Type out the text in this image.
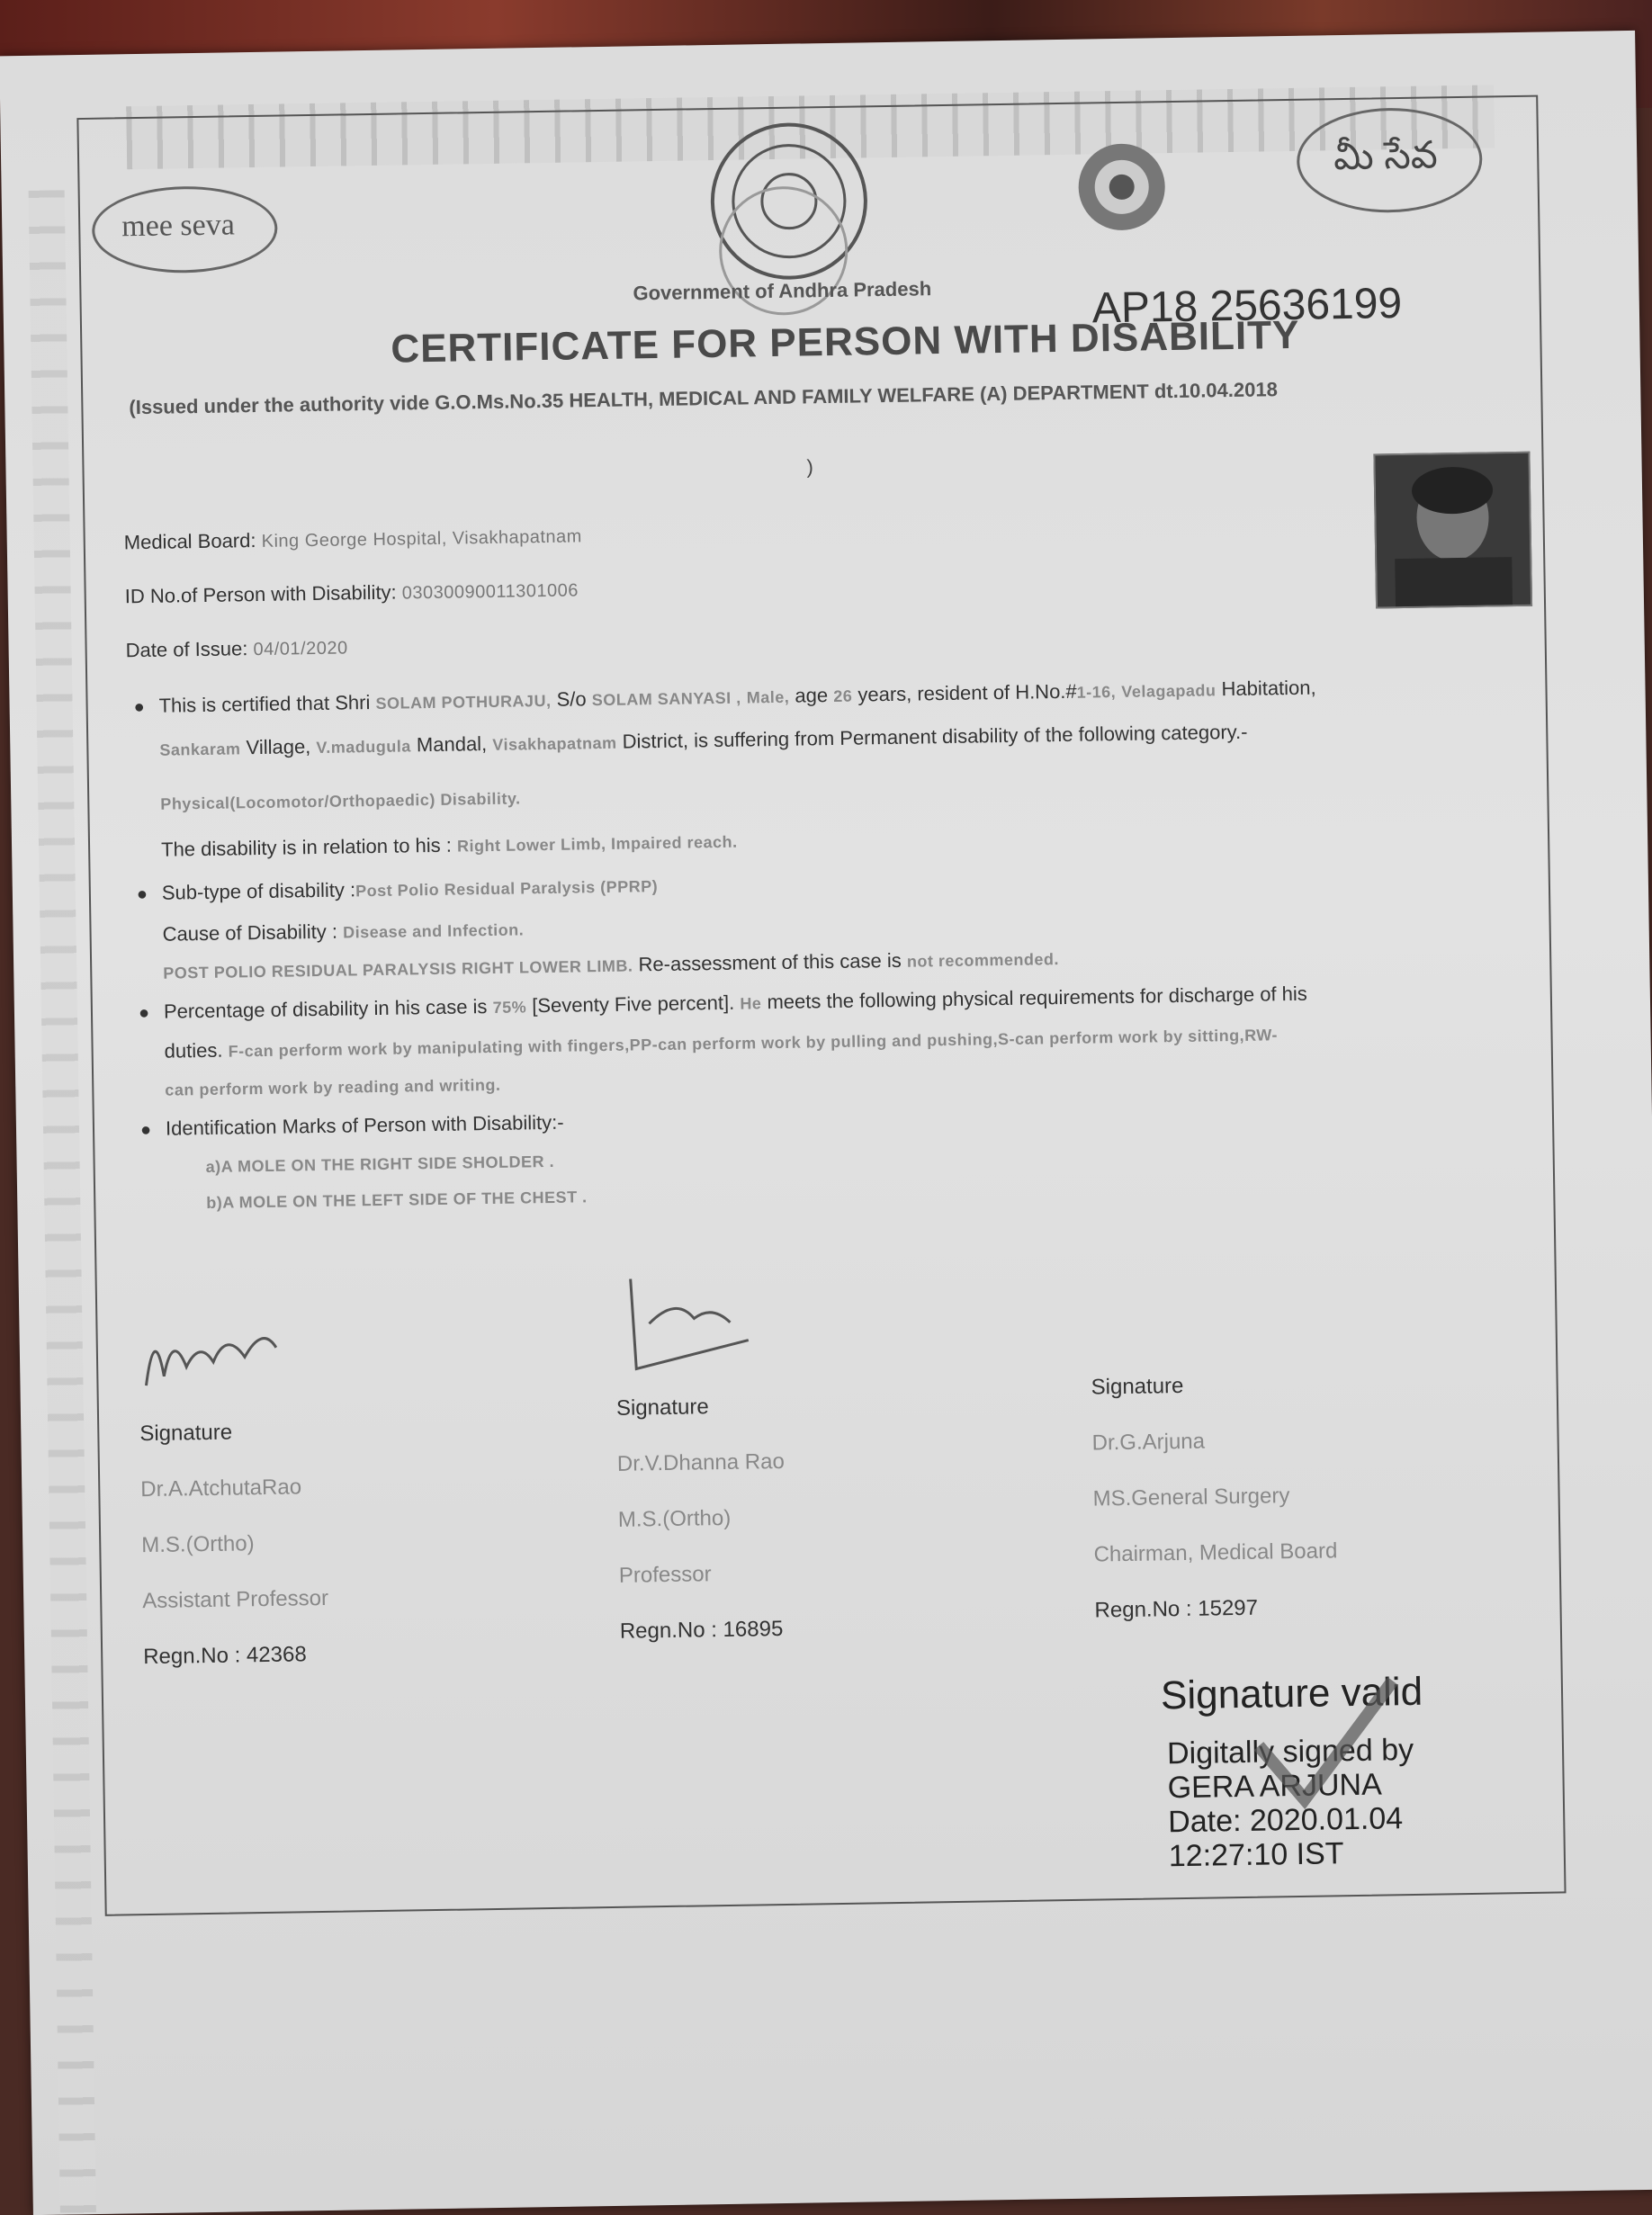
mee seva
మీ సేవ
Government of Andhra Pradesh
CERTIFICATE FOR PERSON WITH DISABILITY
AP18 25636199
(Issued under the authority vide G.O.Ms.No.35 HEALTH, MEDICAL AND FAMILY WELFARE (A) DEPARTMENT dt.10.04.2018
)
Medical Board: King George Hospital, Visakhapatnam
ID No.of Person with Disability: 03030090011301006
Date of Issue: 04/01/2020
● This is certified that Shri SOLAM POTHURAJU, S/o SOLAM SANYASI , Male, age 26 years, resident of H.No.#1-16, Velagapadu Habitation,
Sankaram Village, V.madugula Mandal, Visakhapatnam District, is suffering from Permanent disability of the following category.-
Physical(Locomotor/Orthopaedic) Disability.
The disability is in relation to his : Right Lower Limb, Impaired reach.
● Sub-type of disability :Post Polio Residual Paralysis (PPRP)
Cause of Disability : Disease and Infection.
POST POLIO RESIDUAL PARALYSIS RIGHT LOWER LIMB. Re-assessment of this case is not recommended.
● Percentage of disability in his case is 75% [Seventy Five percent]. He meets the following physical requirements for discharge of his
duties. F-can perform work by manipulating with fingers,PP-can perform work by pulling and pushing,S-can perform work by sitting,RW-
can perform work by reading and writing.
● Identification Marks of Person with Disability:-
a)A MOLE ON THE RIGHT SIDE SHOLDER .
b)A MOLE ON THE LEFT SIDE OF THE CHEST .
Signature
Dr.A.AtchutaRao
M.S.(Ortho)
Assistant Professor
Regn.No : 42368
Signature
Dr.V.Dhanna Rao
M.S.(Ortho)
Professor
Regn.No : 16895
Signature
Dr.G.Arjuna
MS.General Surgery
Chairman, Medical Board
Regn.No : 15297
Signature valid
Digitally signed by
GERA ARJUNA
Date: 2020.01.04
12:27:10 IST
